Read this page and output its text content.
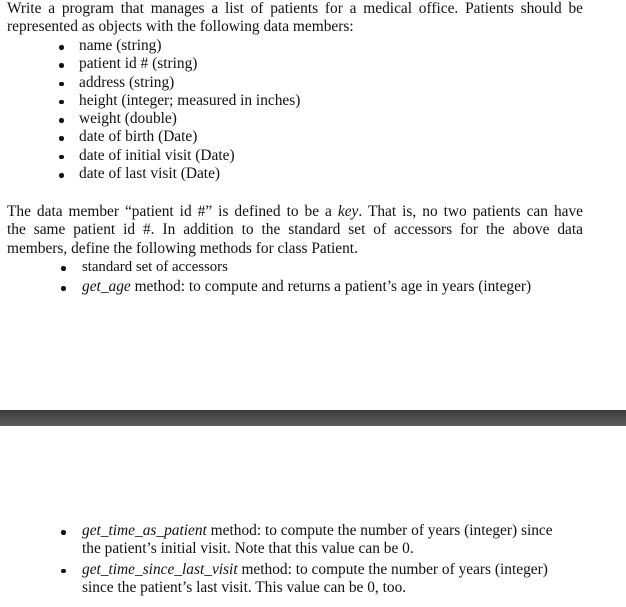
Write a program that manages a list of patients for a medical office. Patients should be
represented as objects with the following data members:

name (string)
patient id # (string)
address (string)
height (integer; measured in inches)
weight (double)
date of birth (Date)
date of initial visit (Date)
date of last visit (Date)

The data member “patient id #” is defined to be a key. That is, no two patients can have
the same patient id #. In addition to the standard set of accessors for the above data
members, define the following methods for class Patient.

standard set of accessors
get_age method: to compute and returns a patient’s age in years (integer)
get_time_as_patient method: to compute the number of years (integer) since
the patient’s initial visit. Note that this value can be 0.
get_time_since_last_visit method: to compute the number of years (integer)
since the patient’s last visit. This value can be 0, too.
